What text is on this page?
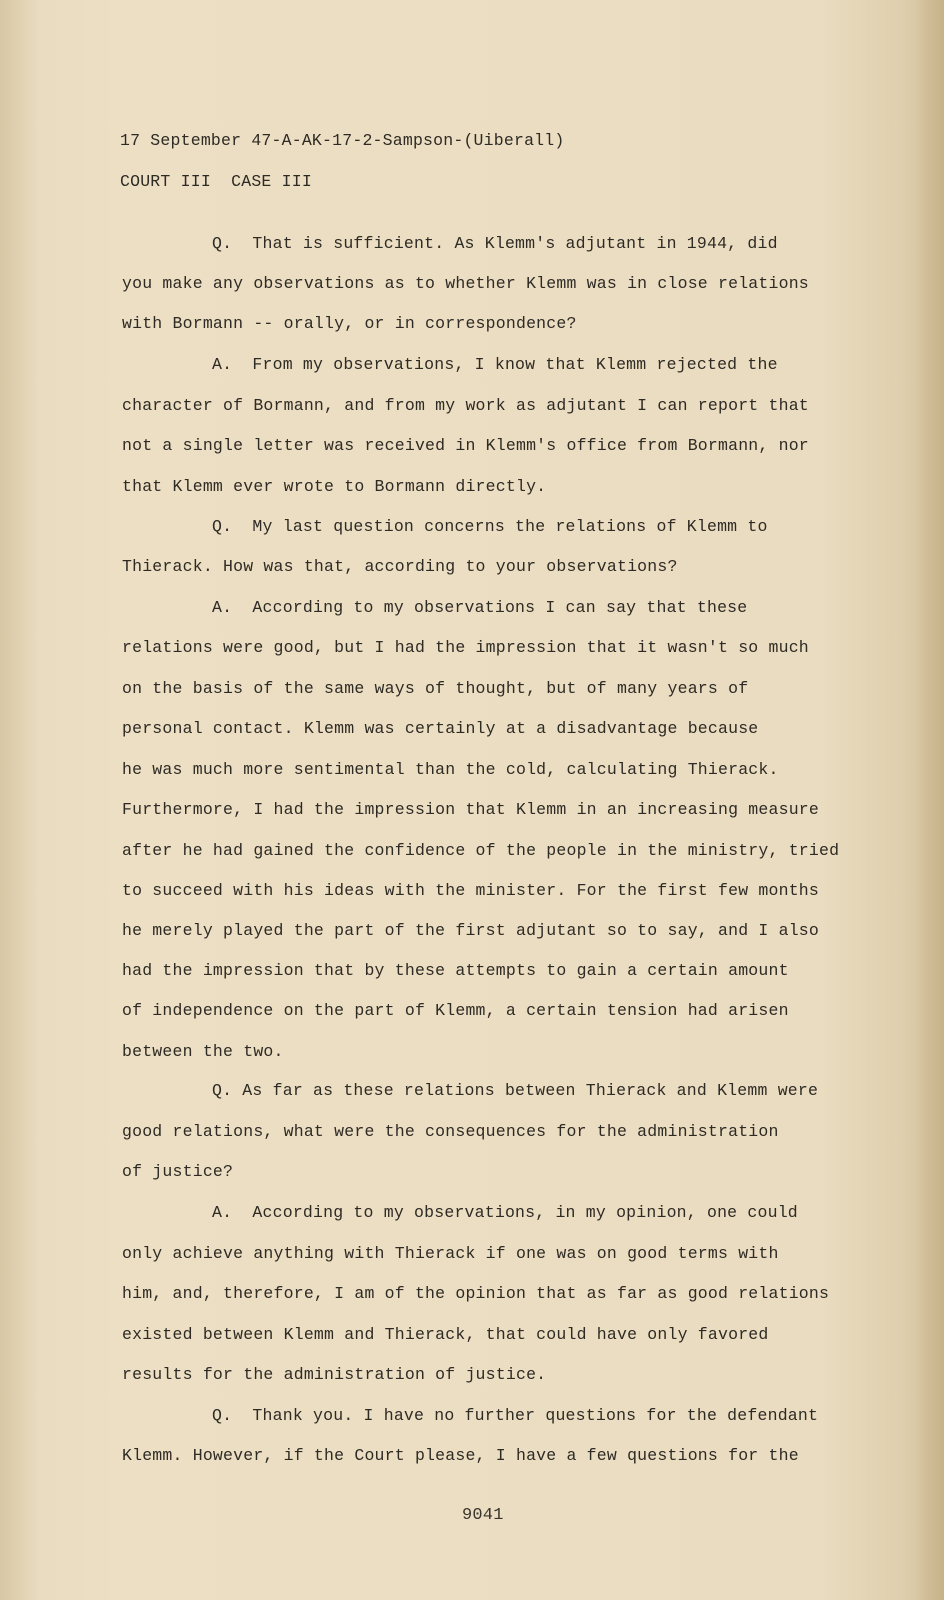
17 September 47-A-AK-17-2-Sampson-(Uiberall)

COURT III  CASE III

Q.  That is sufficient. As Klemm's adjutant in 1944, did

you make any observations as to whether Klemm was in close relations

with Bormann -- orally, or in correspondence?

A.  From my observations, I know that Klemm rejected the

character of Bormann, and from my work as adjutant I can report that

not a single letter was received in Klemm's office from Bormann, nor

that Klemm ever wrote to Bormann directly.

Q.  My last question concerns the relations of Klemm to

Thierack. How was that, according to your observations?

A.  According to my observations I can say that these

relations were good, but I had the impression that it wasn't so much

on the basis of the same ways of thought, but of many years of

personal contact. Klemm was certainly at a disadvantage because

he was much more sentimental than the cold, calculating Thierack.

Furthermore, I had the impression that Klemm in an increasing measure

after he had gained the confidence of the people in the ministry, tried

to succeed with his ideas with the minister. For the first few months

he merely played the part of the first adjutant so to say, and I also

had the impression that by these attempts to gain a certain amount

of independence on the part of Klemm, a certain tension had arisen

between the two.

Q. As far as these relations between Thierack and Klemm were

good relations, what were the consequences for the administration

of justice?

A.  According to my observations, in my opinion, one could

only achieve anything with Thierack if one was on good terms with

him, and, therefore, I am of the opinion that as far as good relations

existed between Klemm and Thierack, that could have only favored

results for the administration of justice.

Q.  Thank you. I have no further questions for the defendant

Klemm. However, if the Court please, I have a few questions for the

9041
